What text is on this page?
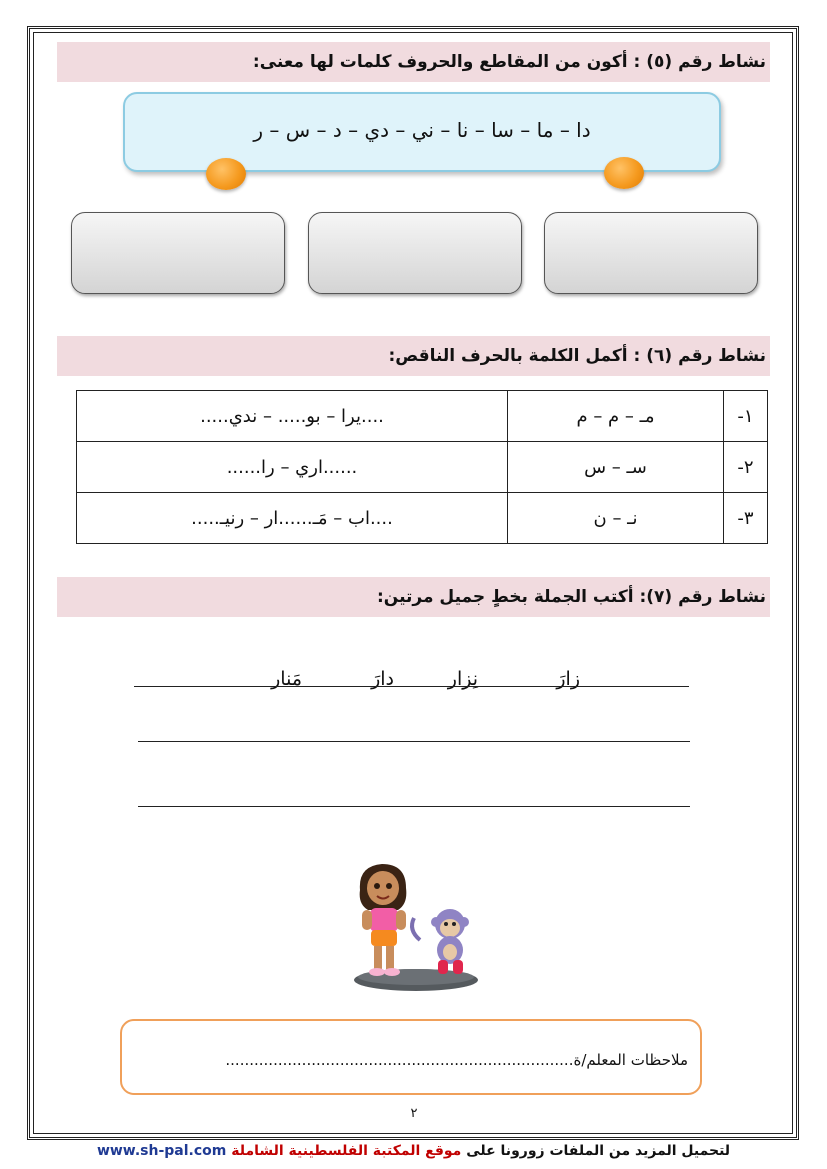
نشاط رقم (٥) : أكون من المقاطع والحروف كلمات لها معنى:
دا – ما – سا – نا – ني – دي – د – س – ر
نشاط رقم (٦) : أكمل الكلمة بالحرف الناقص:
١-	مـ – م – م	....يرا – بو..... – ندي.....
٢-	سـ – س	......اري – را......
٣-	نـ – ن	....اب – مَـ......ار – رنيـ.....
نشاط رقم (٧): أكتب الجملة بخطٍ جميل مرتين:
زارَ
نِزار
دارَ
مَنار
ملاحظات المعلم/ة.........................................................................
٢
لتحميل المزيد من الملفات زورونا على موقع المكتبة الفلسطينية الشاملة www.sh-pal.com
